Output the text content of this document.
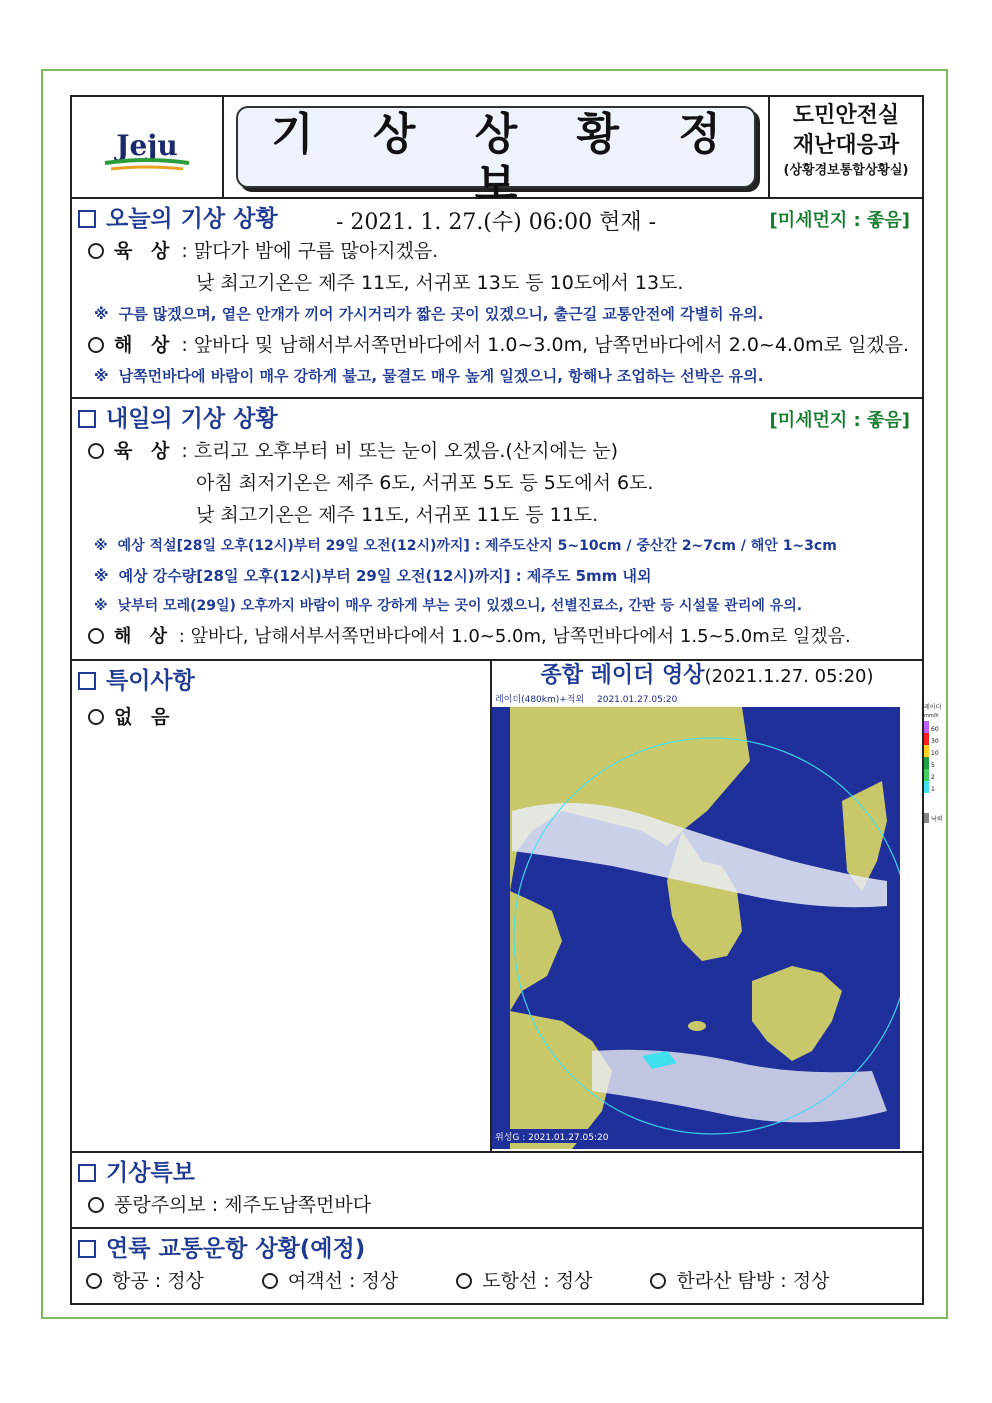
Jeju	기 상 상 황 정 보
- 2021. 1. 27.(수) 06:00 현재 -
도민안전실
재난대응과
(상황경보통합상황실)
오늘의 기상 상황	[미세먼지 : 좋음]
육 상 : 맑다가 밤에 구름 많아지겠음.
낮 최고기온은 제주 11도, 서귀포 13도 등 10도에서 13도.
※ 구름 많겠으며, 옅은 안개가 끼어 가시거리가 짧은 곳이 있겠으니, 출근길 교통안전에 각별히 유의.
해 상 : 앞바다 및 남해서부서쪽먼바다에서 1.0~3.0m, 남쪽먼바다에서 2.0~4.0m로 일겠음.
※ 남쪽먼바다에 바람이 매우 강하게 불고, 물결도 매우 높게 일겠으니, 항해나 조업하는 선박은 유의.
내일의 기상 상황	[미세먼지 : 좋음]
육 상 : 흐리고 오후부터 비 또는 눈이 오겠음.(산지에는 눈)
아침 최저기온은 제주 6도, 서귀포 5도 등 5도에서 6도.
낮 최고기온은 제주 11도, 서귀포 11도 등 11도.
※ 예상 적설[28일 오후(12시)부터 29일 오전(12시)까지] : 제주도산지 5~10cm / 중산간 2~7cm / 해안 1~3cm
※ 예상 강수량[28일 오후(12시)부터 29일 오전(12시)까지] : 제주도 5mm 내외
※ 낮부터 모레(29일) 오후까지 바람이 매우 강하게 부는 곳이 있겠으니, 선별진료소, 간판 등 시설물 관리에 유의.
해 상 : 앞바다, 남해서부서쪽먼바다에서 1.0~5.0m, 남쪽먼바다에서 1.5~5.0m로 일겠음.
특이사항
없 음
종합 레이더 영상(2021.1.27. 05:20)
레이더(480km)+적외 2021.01.27.05:20
위성G : 2021.01.27.05:20
레이더
mm/h
60
30
10
5
2
1
낙뢰
기상특보
풍랑주의보 : 제주도남쪽먼바다
연륙 교통운항 상황(예정)
항공 : 정상	여객선 : 정상	도항선 : 정상	한라산 탐방 : 정상
